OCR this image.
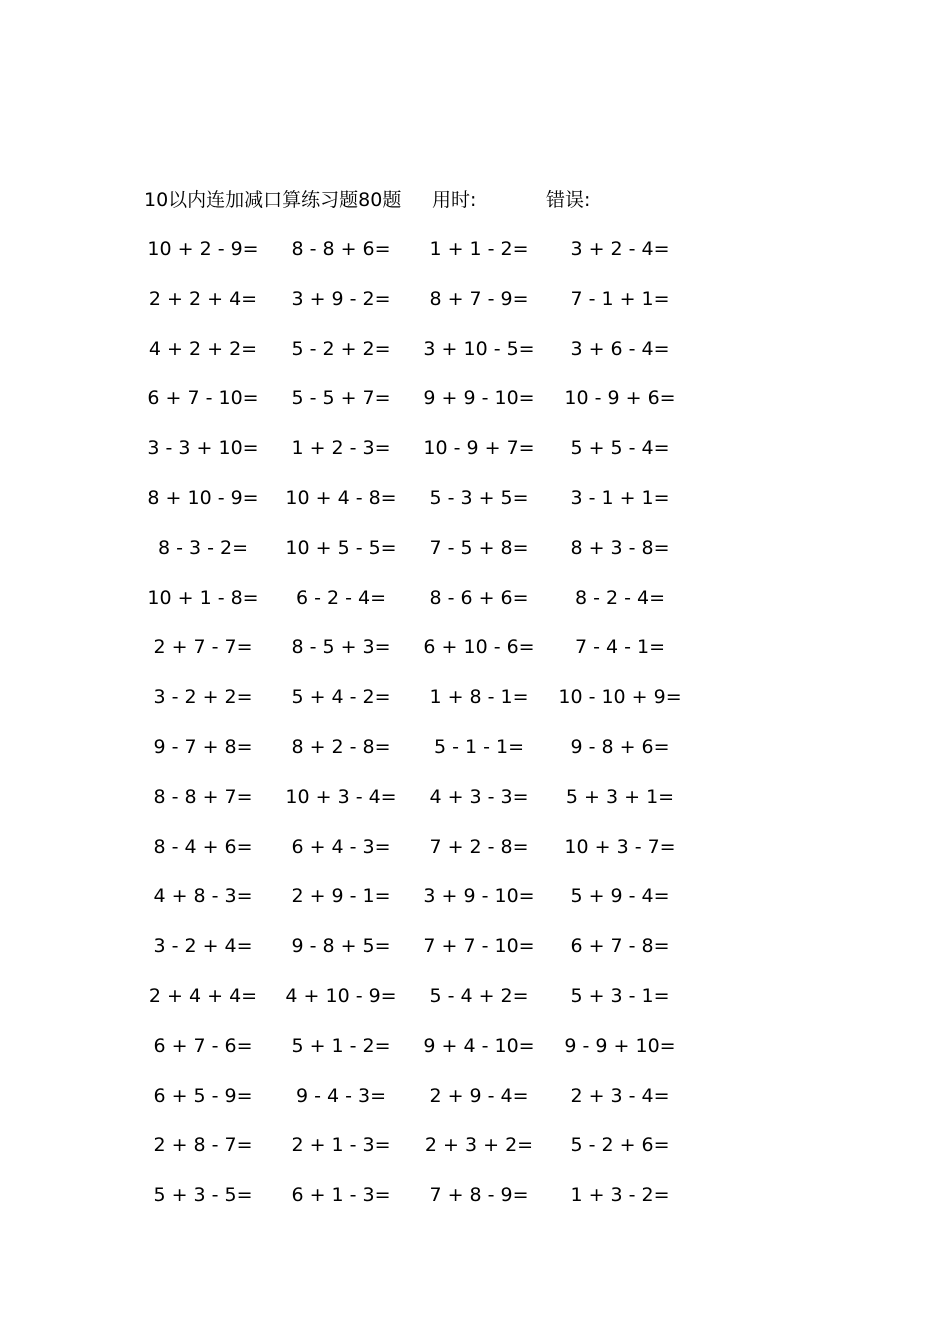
10以内连加减口算练习题80题 用时:	错误:
10 + 2 - 9= 8 - 8 + 6= 1 + 1 - 2= 3 + 2 - 4=
2 + 2 + 4= 3 + 9 - 2= 8 + 7 - 9= 7 - 1 + 1=
4 + 2 + 2= 5 - 2 + 2= 3 + 10 - 5= 3 + 6 - 4=
6 + 7 - 10= 5 - 5 + 7= 9 + 9 - 10= 10 - 9 + 6=
3 - 3 + 10= 1 + 2 - 3= 10 - 9 + 7= 5 + 5 - 4=
8 + 10 - 9= 10 + 4 - 8= 5 - 3 + 5= 3 - 1 + 1=
8 - 3 - 2= 10 + 5 - 5= 7 - 5 + 8= 8 + 3 - 8=
10 + 1 - 8= 6 - 2 - 4= 8 - 6 + 6= 8 - 2 - 4=
2 + 7 - 7= 8 - 5 + 3= 6 + 10 - 6= 7 - 4 - 1=
3 - 2 + 2= 5 + 4 - 2= 1 + 8 - 1= 10 - 10 + 9=
9 - 7 + 8= 8 + 2 - 8= 5 - 1 - 1= 9 - 8 + 6=
8 - 8 + 7= 10 + 3 - 4= 4 + 3 - 3= 5 + 3 + 1=
8 - 4 + 6= 6 + 4 - 3= 7 + 2 - 8= 10 + 3 - 7=
4 + 8 - 3= 2 + 9 - 1= 3 + 9 - 10= 5 + 9 - 4=
3 - 2 + 4= 9 - 8 + 5= 7 + 7 - 10= 6 + 7 - 8=
2 + 4 + 4= 4 + 10 - 9= 5 - 4 + 2= 5 + 3 - 1=
6 + 7 - 6= 5 + 1 - 2= 9 + 4 - 10= 9 - 9 + 10=
6 + 5 - 9= 9 - 4 - 3= 2 + 9 - 4= 2 + 3 - 4=
2 + 8 - 7= 2 + 1 - 3= 2 + 3 + 2= 5 - 2 + 6=
5 + 3 - 5= 6 + 1 - 3= 7 + 8 - 9= 1 + 3 - 2=
